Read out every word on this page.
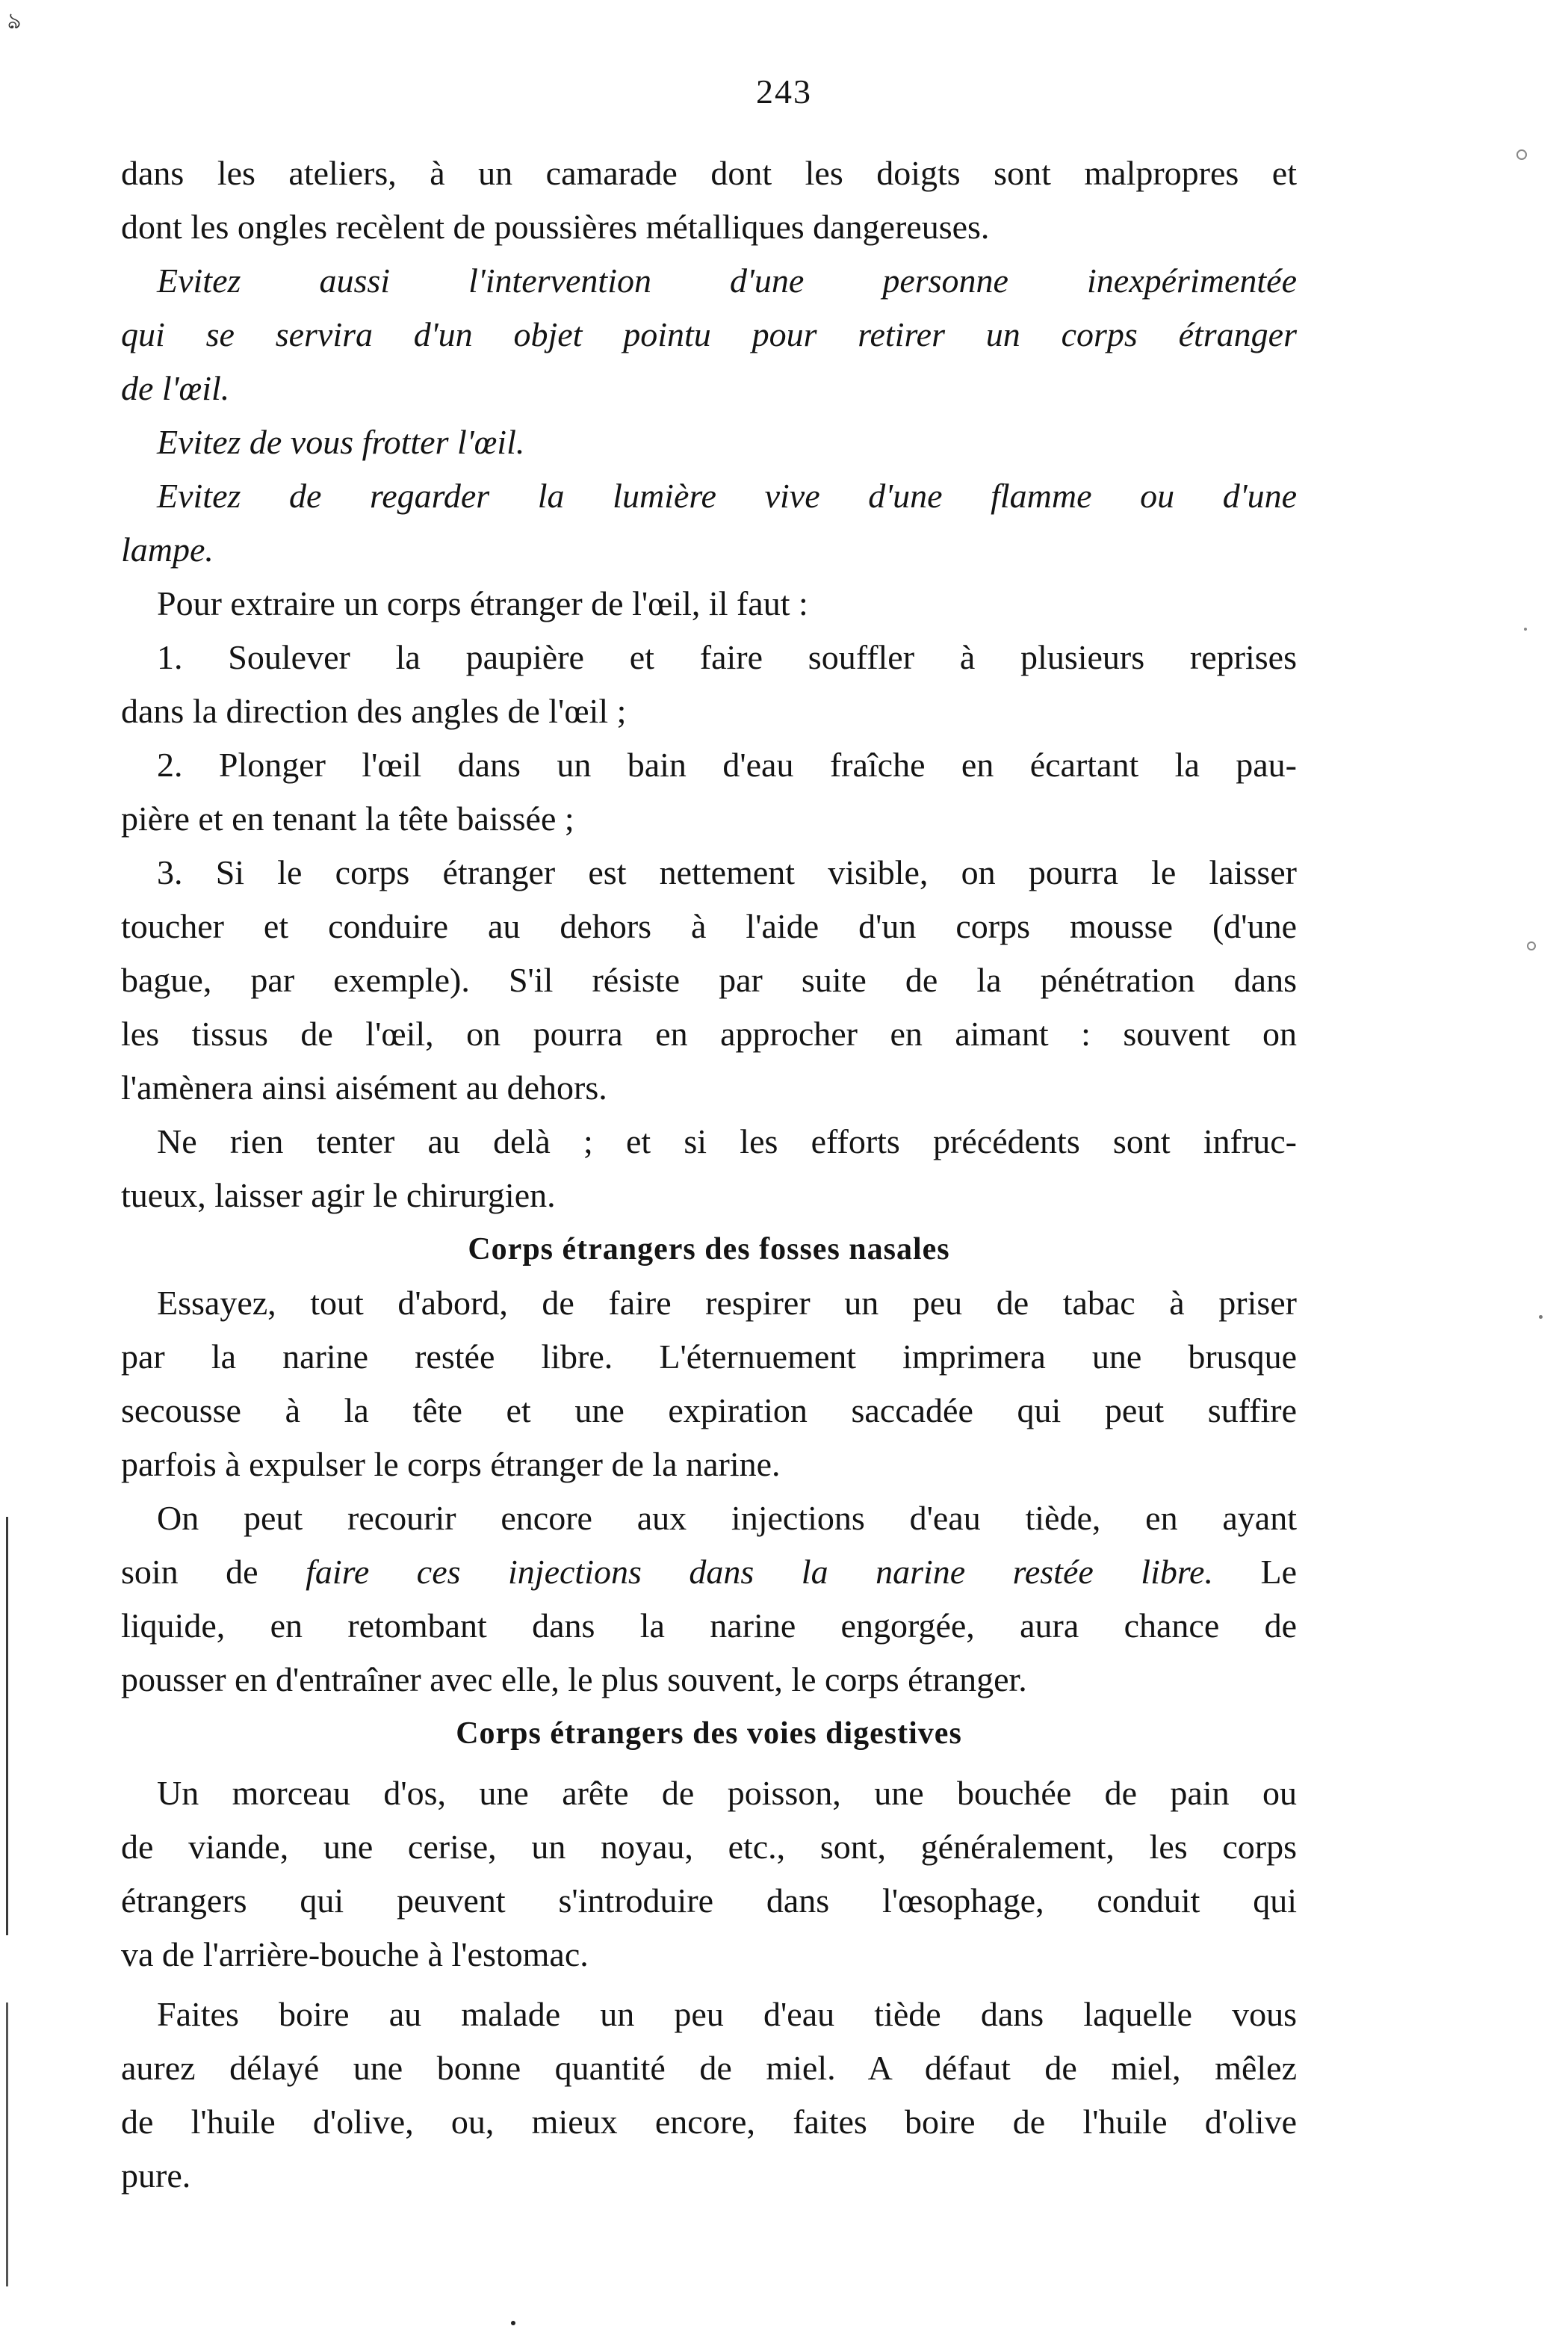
ঌ
243
dans les ateliers, à un camarade dont les doigts sont malpropres et
dont les ongles recèlent de poussières métalliques dangereuses.
Evitez aussi l'intervention d'une personne inexpérimentée
qui se servira d'un objet pointu pour retirer un corps étranger
de l'œil.
Evitez de vous frotter l'œil.
Evitez de regarder la lumière vive d'une flamme ou d'une
lampe.
Pour extraire un corps étranger de l'œil, il faut :
1. Soulever la paupière et faire souffler à plusieurs reprises
dans la direction des angles de l'œil ;
2. Plonger l'œil dans un bain d'eau fraîche en écartant la pau-
pière et en tenant la tête baissée ;
3. Si le corps étranger est nettement visible, on pourra le laisser
toucher et conduire au dehors à l'aide d'un corps mousse (d'une
bague, par exemple). S'il résiste par suite de la pénétration dans
les tissus de l'œil, on pourra en approcher en aimant : souvent on
l'amènera ainsi aisément au dehors.
Ne rien tenter au delà ; et si les efforts précédents sont infruc-
tueux, laisser agir le chirurgien.
Corps étrangers des fosses nasales
Essayez, tout d'abord, de faire respirer un peu de tabac à priser
par la narine restée libre. L'éternuement imprimera une brusque
secousse à la tête et une expiration saccadée qui peut suffire
parfois à expulser le corps étranger de la narine.
On peut recourir encore aux injections d'eau tiède, en ayant
soin de faire ces injections dans la narine restée libre. Le
liquide, en retombant dans la narine engorgée, aura chance de
pousser en d'entraîner avec elle, le plus souvent, le corps étranger.
Corps étrangers des voies digestives
Un morceau d'os, une arête de poisson, une bouchée de pain ou
de viande, une cerise, un noyau, etc., sont, généralement, les corps
étrangers qui peuvent s'introduire dans l'œsophage, conduit qui
va de l'arrière-bouche à l'estomac.
Faites boire au malade un peu d'eau tiède dans laquelle vous
aurez délayé une bonne quantité de miel. A défaut de miel, mêlez
de l'huile d'olive, ou, mieux encore, faites boire de l'huile d'olive
pure.
